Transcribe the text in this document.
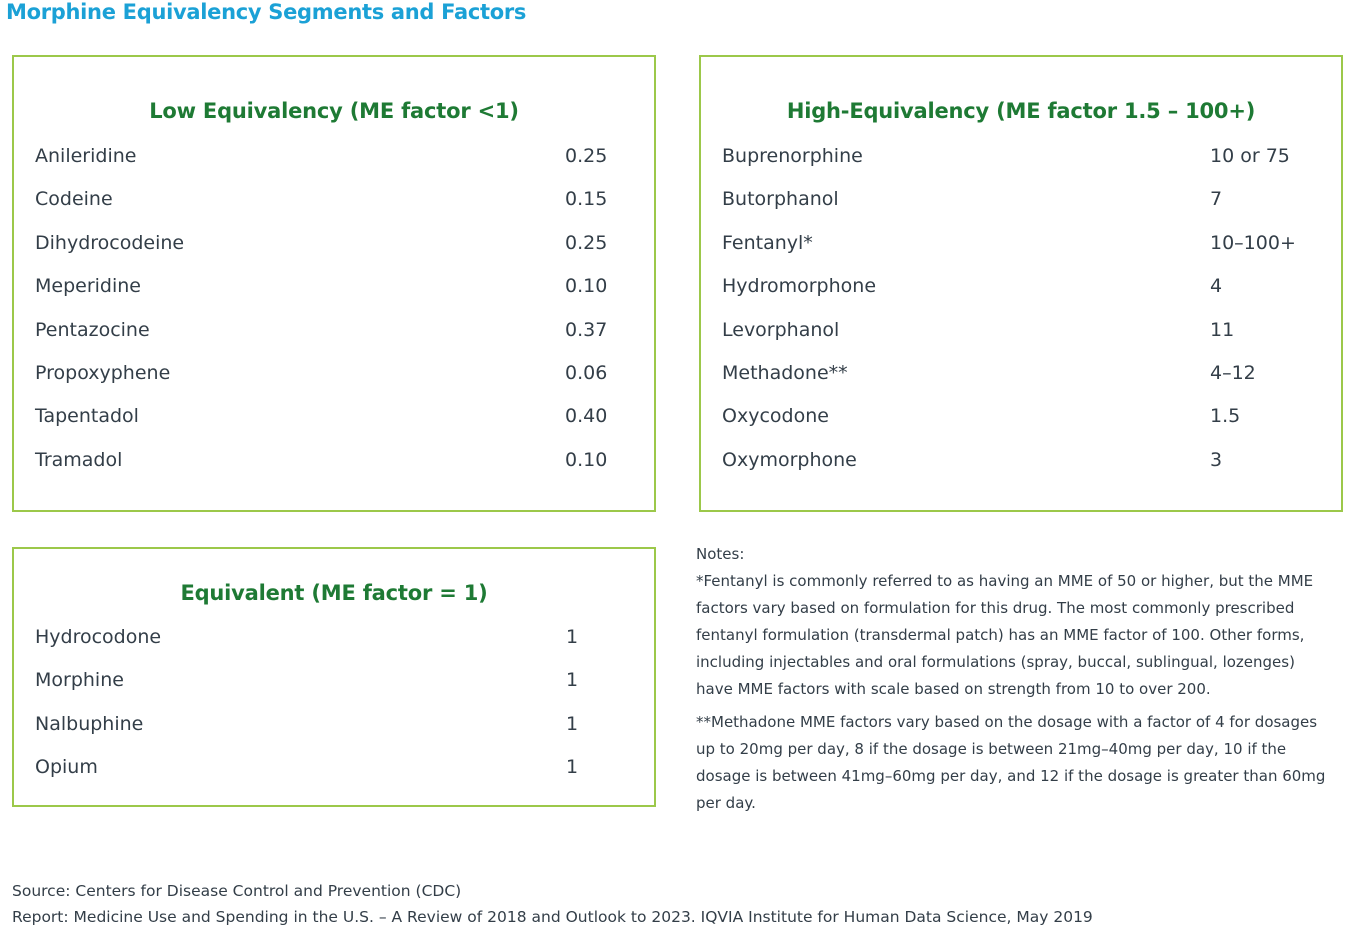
Morphine Equivalency Segments and Factors
Low Equivalency (ME factor <1)
Anileridine	0.25
Codeine	0.15
Dihydrocodeine	0.25
Meperidine	0.10
Pentazocine	0.37
Propoxyphene	0.06
Tapentadol	0.40
Tramadol	0.10
High-Equivalency (ME factor 1.5 – 100+)
Buprenorphine	10 or 75
Butorphanol	7
Fentanyl*	10–100+
Hydromorphone	4
Levorphanol	11
Methadone**	4–12
Oxycodone	1.5
Oxymorphone	3
Equivalent (ME factor = 1)
Hydrocodone	1
Morphine	1
Nalbuphine	1
Opium	1

Notes:

*Fentanyl is commonly referred to as having an MME of 50 or higher, but the MME factors vary based on formulation for this drug. The most commonly prescribed fentanyl formulation (transdermal patch) has an MME factor of 100. Other forms, including injectables and oral formulations (spray, buccal, sublingual, lozenges) have MME factors with scale based on strength from 10 to over 200.

**Methadone MME factors vary based on the dosage with a factor of 4 for dosages up to 20mg per day, 8 if the dosage is between 21mg–40mg per day, 10 if the dosage is between 41mg–60mg per day, and 12 if the dosage is greater than 60mg per day.

Source: Centers for Disease Control and Prevention (CDC)
Report: Medicine Use and Spending in the U.S. – A Review of 2018 and Outlook to 2023. IQVIA Institute for Human Data Science, May 2019
